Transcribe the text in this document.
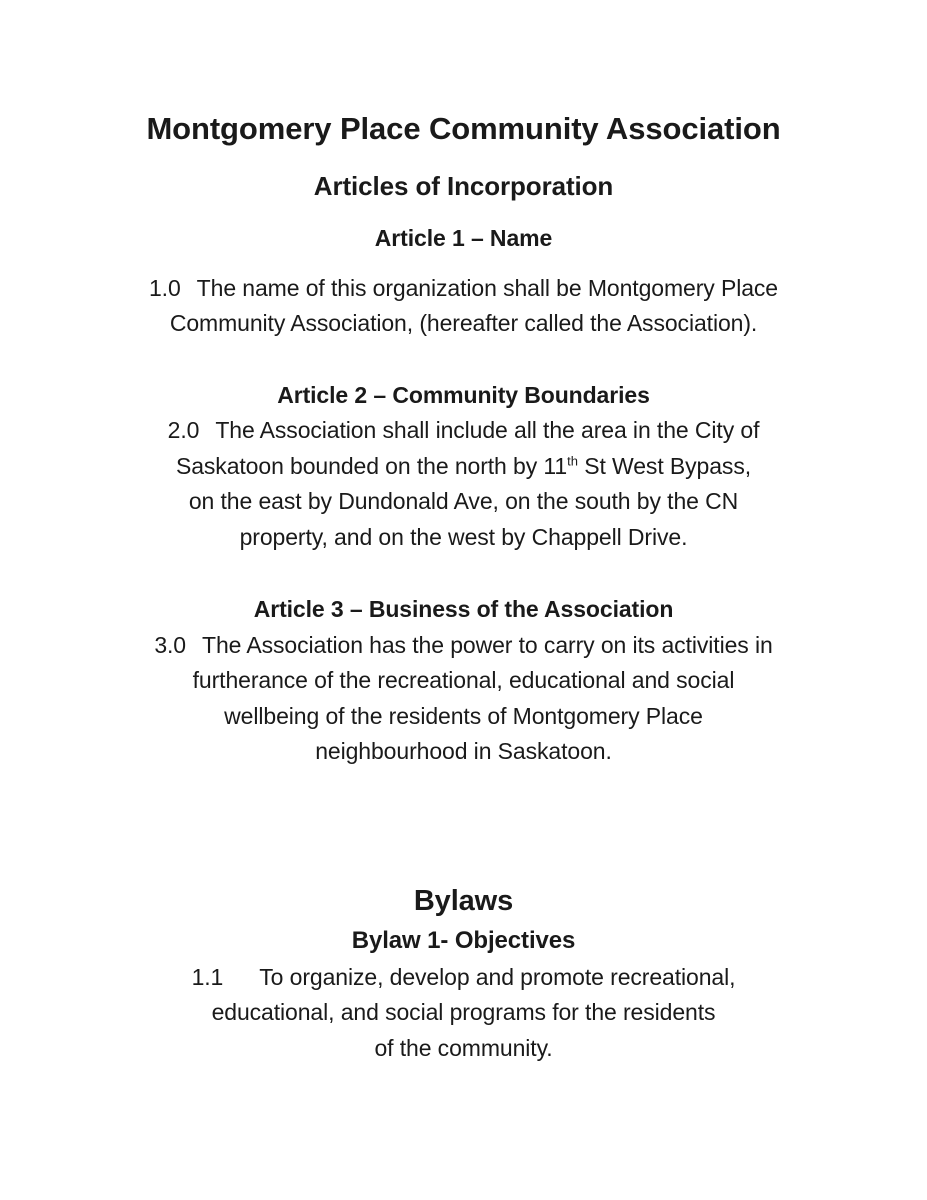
Montgomery Place Community Association
Articles of Incorporation
Article 1 – Name
1.0 The name of this organization shall be Montgomery Place
Community Association, (hereafter called the Association).
Article 2 – Community Boundaries
2.0 The Association shall include all the area in the City of
Saskatoon bounded on the north by 11th St West Bypass,
on the east by Dundonald Ave, on the south by the CN
property, and on the west by Chappell Drive.
Article 3 – Business of the Association
3.0 The Association has the power to carry on its activities in
furtherance of the recreational, educational and social
wellbeing of the residents of Montgomery Place
neighbourhood in Saskatoon.
Bylaws
Bylaw 1- Objectives
1.1 To organize, develop and promote recreational,
educational, and social programs for the residents
of the community.
